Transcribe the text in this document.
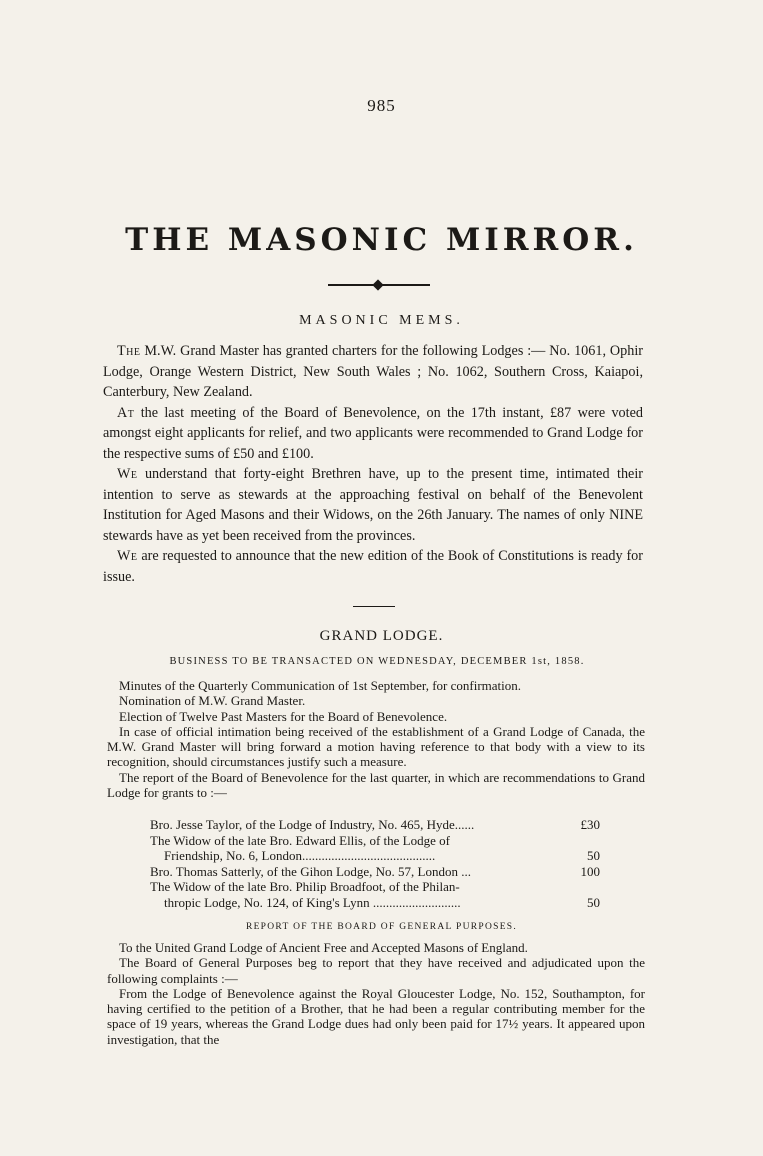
985
THE MASONIC MIRROR.
MASONIC MEMS.

The M.W. Grand Master has granted charters for the following Lodges :— No. 1061, Ophir Lodge, Orange Western District, New South Wales ; No. 1062, Southern Cross, Kaiapoi, Canterbury, New Zealand.

At the last meeting of the Board of Benevolence, on the 17th instant, £87 were voted amongst eight applicants for relief, and two applicants were recommended to Grand Lodge for the respective sums of £50 and £100.

We understand that forty-eight Brethren have, up to the present time, intimated their intention to serve as stewards at the approaching festival on behalf of the Benevolent Institution for Aged Masons and their Widows, on the 26th January. The names of only NINE stewards have as yet been received from the provinces.

We are requested to announce that the new edition of the Book of Constitutions is ready for issue.

GRAND LODGE.
BUSINESS TO BE TRANSACTED ON WEDNESDAY, DECEMBER 1st, 1858.

Minutes of the Quarterly Communication of 1st September, for confirmation.

Nomination of M.W. Grand Master.

Election of Twelve Past Masters for the Board of Benevolence.

In case of official intimation being received of the establishment of a Grand Lodge of Canada, the M.W. Grand Master will bring forward a motion having reference to that body with a view to its recognition, should circumstances justify such a measure.

The report of the Board of Benevolence for the last quarter, in which are recommendations to Grand Lodge for grants to :—

Bro. Jesse Taylor, of the Lodge of Industry, No. 465, Hyde......	£30
The Widow of the late Bro. Edward Ellis, of the Lodge of
Friendship, No. 6, London.........................................	50
Bro. Thomas Satterly, of the Gihon Lodge, No. 57, London ...	100
The Widow of the late Bro. Philip Broadfoot, of the Philan-
thropic Lodge, No. 124, of King's Lynn ...........................	50
REPORT OF THE BOARD OF GENERAL PURPOSES.

To the United Grand Lodge of Ancient Free and Accepted Masons of England.

The Board of General Purposes beg to report that they have received and adjudicated upon the following complaints :—

From the Lodge of Benevolence against the Royal Gloucester Lodge, No. 152, Southampton, for having certified to the petition of a Brother, that he had been a regular contributing member for the space of 19 years, whereas the Grand Lodge dues had only been paid for 17½ years. It appeared upon investigation, that the
